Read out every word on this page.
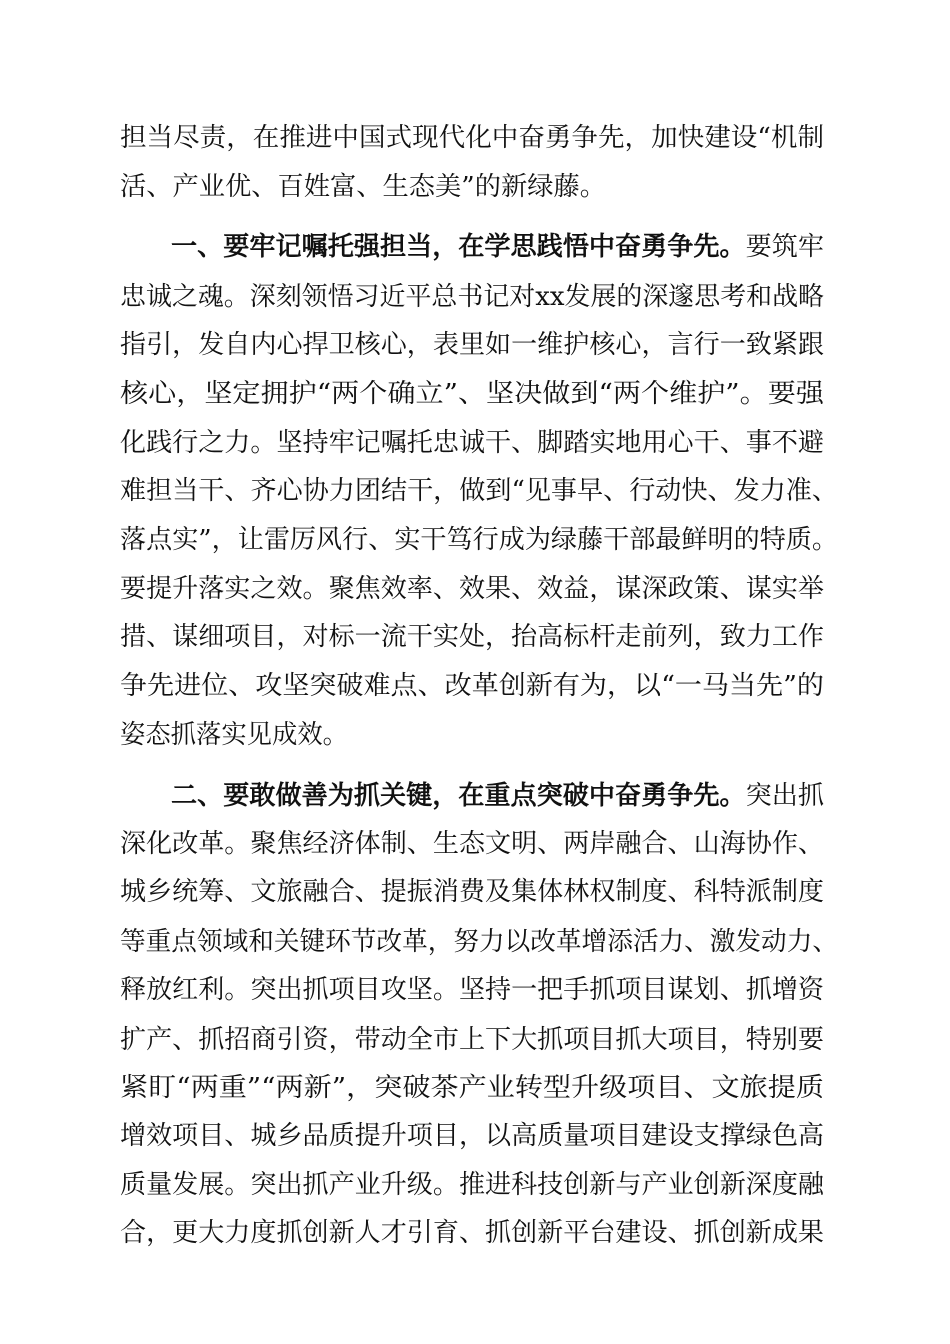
担当尽责，在推进中国式现代化中奋勇争先，加快建设“机制
活、产业优、百姓富、生态美”的新绿藤。
一、要牢记嘱托强担当，在学思践悟中奋勇争先。要筑牢
忠诚之魂。深刻领悟习近平总书记对xx发展的深邃思考和战略
指引，发自内心捍卫核心，表里如一维护核心，言行一致紧跟
核心，坚定拥护“两个确立”、坚决做到“两个维护”。要强
化践行之力。坚持牢记嘱托忠诚干、脚踏实地用心干、事不避
难担当干、齐心协力团结干，做到“见事早、行动快、发力准、
落点实”，让雷厉风行、实干笃行成为绿藤干部最鲜明的特质。
要提升落实之效。聚焦效率、效果、效益，谋深政策、谋实举
措、谋细项目，对标一流干实处，抬高标杆走前列，致力工作
争先进位、攻坚突破难点、改革创新有为，以“一马当先”的
姿态抓落实见成效。
二、要敢做善为抓关键，在重点突破中奋勇争先。突出抓
深化改革。聚焦经济体制、生态文明、两岸融合、山海协作、
城乡统筹、文旅融合、提振消费及集体林权制度、科特派制度
等重点领域和关键环节改革，努力以改革增添活力、激发动力、
释放红利。突出抓项目攻坚。坚持一把手抓项目谋划、抓增资
扩产、抓招商引资，带动全市上下大抓项目抓大项目，特别要
紧盯“两重”“两新”，突破茶产业转型升级项目、文旅提质
增效项目、城乡品质提升项目，以高质量项目建设支撑绿色高
质量发展。突出抓产业升级。推进科技创新与产业创新深度融
合，更大力度抓创新人才引育、抓创新平台建设、抓创新成果
